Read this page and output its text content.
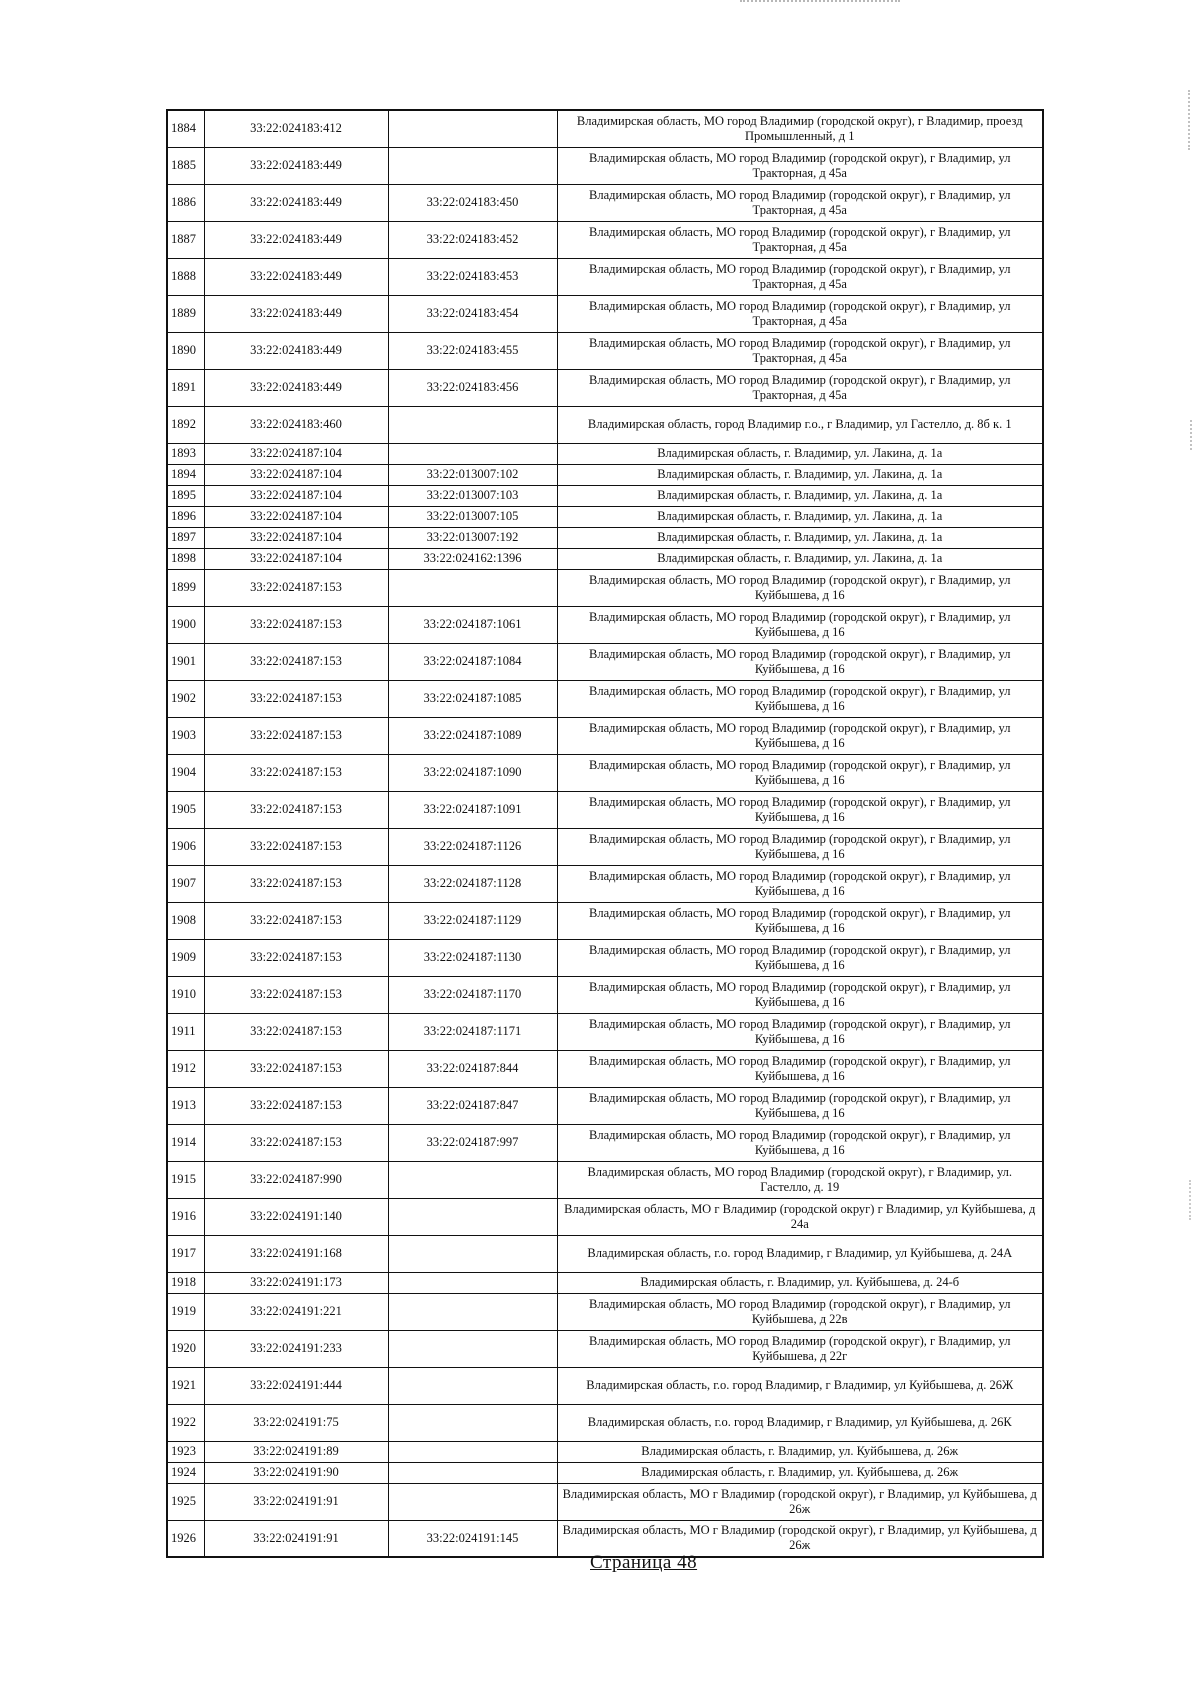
1884	33:22:024183:412		Владимирская область, МО город Владимир (городской округ), г Владимир, проезд Промышленный, д 1
1885	33:22:024183:449		Владимирская область, МО город Владимир (городской округ), г Владимир, ул Тракторная, д 45а
1886	33:22:024183:449	33:22:024183:450	Владимирская область, МО город Владимир (городской округ), г Владимир, ул Тракторная, д 45а
1887	33:22:024183:449	33:22:024183:452	Владимирская область, МО город Владимир (городской округ), г Владимир, ул Тракторная, д 45а
1888	33:22:024183:449	33:22:024183:453	Владимирская область, МО город Владимир (городской округ), г Владимир, ул Тракторная, д 45а
1889	33:22:024183:449	33:22:024183:454	Владимирская область, МО город Владимир (городской округ), г Владимир, ул Тракторная, д 45а
1890	33:22:024183:449	33:22:024183:455	Владимирская область, МО город Владимир (городской округ), г Владимир, ул Тракторная, д 45а
1891	33:22:024183:449	33:22:024183:456	Владимирская область, МО город Владимир (городской округ), г Владимир, ул Тракторная, д 45а
1892	33:22:024183:460		Владимирская область, город Владимир г.о., г Владимир, ул Гастелло, д. 8б к. 1
1893	33:22:024187:104		Владимирская область, г. Владимир, ул. Лакина, д. 1а
1894	33:22:024187:104	33:22:013007:102	Владимирская область, г. Владимир, ул. Лакина, д. 1а
1895	33:22:024187:104	33:22:013007:103	Владимирская область, г. Владимир, ул. Лакина, д. 1а
1896	33:22:024187:104	33:22:013007:105	Владимирская область, г. Владимир, ул. Лакина, д. 1а
1897	33:22:024187:104	33:22:013007:192	Владимирская область, г. Владимир, ул. Лакина, д. 1а
1898	33:22:024187:104	33:22:024162:1396	Владимирская область, г. Владимир, ул. Лакина, д. 1а
1899	33:22:024187:153		Владимирская область, МО город Владимир (городской округ), г Владимир, ул Куйбышева, д 16
1900	33:22:024187:153	33:22:024187:1061	Владимирская область, МО город Владимир (городской округ), г Владимир, ул Куйбышева, д 16
1901	33:22:024187:153	33:22:024187:1084	Владимирская область, МО город Владимир (городской округ), г Владимир, ул Куйбышева, д 16
1902	33:22:024187:153	33:22:024187:1085	Владимирская область, МО город Владимир (городской округ), г Владимир, ул Куйбышева, д 16
1903	33:22:024187:153	33:22:024187:1089	Владимирская область, МО город Владимир (городской округ), г Владимир, ул Куйбышева, д 16
1904	33:22:024187:153	33:22:024187:1090	Владимирская область, МО город Владимир (городской округ), г Владимир, ул Куйбышева, д 16
1905	33:22:024187:153	33:22:024187:1091	Владимирская область, МО город Владимир (городской округ), г Владимир, ул Куйбышева, д 16
1906	33:22:024187:153	33:22:024187:1126	Владимирская область, МО город Владимир (городской округ), г Владимир, ул Куйбышева, д 16
1907	33:22:024187:153	33:22:024187:1128	Владимирская область, МО город Владимир (городской округ), г Владимир, ул Куйбышева, д 16
1908	33:22:024187:153	33:22:024187:1129	Владимирская область, МО город Владимир (городской округ), г Владимир, ул Куйбышева, д 16
1909	33:22:024187:153	33:22:024187:1130	Владимирская область, МО город Владимир (городской округ), г Владимир, ул Куйбышева, д 16
1910	33:22:024187:153	33:22:024187:1170	Владимирская область, МО город Владимир (городской округ), г Владимир, ул Куйбышева, д 16
1911	33:22:024187:153	33:22:024187:1171	Владимирская область, МО город Владимир (городской округ), г Владимир, ул Куйбышева, д 16
1912	33:22:024187:153	33:22:024187:844	Владимирская область, МО город Владимир (городской округ), г Владимир, ул Куйбышева, д 16
1913	33:22:024187:153	33:22:024187:847	Владимирская область, МО город Владимир (городской округ), г Владимир, ул Куйбышева, д 16
1914	33:22:024187:153	33:22:024187:997	Владимирская область, МО город Владимир (городской округ), г Владимир, ул Куйбышева, д 16
1915	33:22:024187:990		Владимирская область, МО город Владимир (городской округ), г Владимир, ул. Гастелло, д. 19
1916	33:22:024191:140		Владимирская область, МО г Владимир (городской округ) г Владимир, ул Куйбышева, д 24а
1917	33:22:024191:168		Владимирская область, г.о. город Владимир, г Владимир, ул Куйбышева, д. 24А
1918	33:22:024191:173		Владимирская область, г. Владимир, ул. Куйбышева, д. 24-б
1919	33:22:024191:221		Владимирская область, МО город Владимир (городской округ), г Владимир, ул Куйбышева, д 22в
1920	33:22:024191:233		Владимирская область, МО город Владимир (городской округ), г Владимир, ул Куйбышева, д 22г
1921	33:22:024191:444		Владимирская область, г.о. город Владимир, г Владимир, ул Куйбышева, д. 26Ж
1922	33:22:024191:75		Владимирская область, г.о. город Владимир, г Владимир, ул Куйбышева, д. 26К
1923	33:22:024191:89		Владимирская область, г. Владимир, ул. Куйбышева, д. 26ж
1924	33:22:024191:90		Владимирская область, г. Владимир, ул. Куйбышева, д. 26ж
1925	33:22:024191:91		Владимирская область, МО г Владимир (городской округ), г Владимир, ул Куйбышева, д 26ж
1926	33:22:024191:91	33:22:024191:145	Владимирская область, МО г Владимир (городской округ), г Владимир, ул Куйбышева, д 26ж
Страница 48
